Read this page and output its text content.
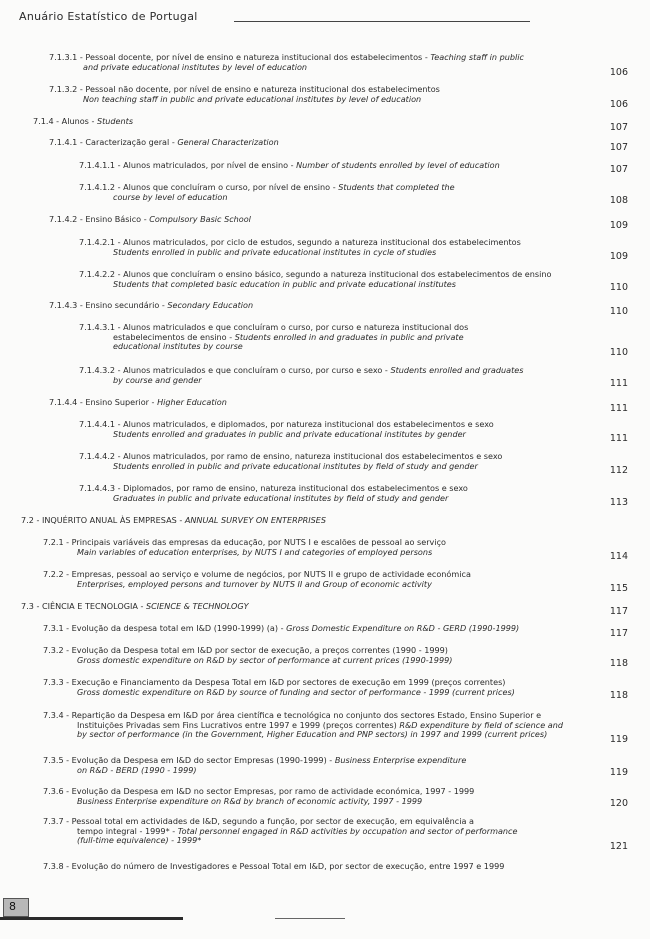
Anuário Estatístico de Portugal
7.1.3.1 - Pessoal docente, por nível de ensino e natureza institucional dos estabelecimentos - Teaching staff in public
and private educational institutes by level of education
106
7.1.3.2 - Pessoal não docente, por nível de ensino e natureza institucional dos estabelecimentos
Non teaching staff in public and private educational institutes by level of education
106
7.1.4 - Alunos - Students
107
7.1.4.1 - Caracterização geral - General Characterization	107
7.1.4.1.1 - Alunos matriculados, por nível de ensino - Number of students enrolled by level of education	107
7.1.4.1.2 - Alunos que concluíram o curso, por nível de ensino - Students that completed the
course by level of education	108
7.1.4.2 - Ensino Básico - Compulsory Basic School
109
7.1.4.2.1 - Alunos matriculados, por ciclo de estudos, segundo a natureza institucional dos estabelecimentos
Students enrolled in public and private educational institutes in cycle of studies	109
7.1.4.2.2 - Alunos que concluíram o ensino básico, segundo a natureza institucional dos estabelecimentos de ensino
Students that completed basic education in public and private educational institutes	110
7.1.4.3 - Ensino secundário - Secondary Education
110
7.1.4.3.1 - Alunos matriculados e que concluíram o curso, por curso e natureza institucional dos
estabelecimentos de ensino - Students enrolled in and graduates in public and private
educational institutes by course
110
7.1.4.3.2 - Alunos matriculados e que concluíram o curso, por curso e sexo - Students enrolled and graduates
by course and gender	111
7.1.4.4 - Ensino Superior - Higher Education
111
7.1.4.4.1 - Alunos matriculados, e diplomados, por natureza institucional dos estabelecimentos e sexo
Students enrolled and graduates in public and private educational institutes by gender	111
7.1.4.4.2 - Alunos matriculados, por ramo de ensino, natureza institucional dos estabelecimentos e sexo
Students enrolled in public and private educational institutes by field of study and gender	112
7.1.4.4.3 - Diplomados, por ramo de ensino, natureza institucional dos estabelecimentos e sexo
Graduates in public and private educational institutes by field of study and gender	113
7.2 - INQUÉRITO ANUAL ÀS EMPRESAS - ANNUAL SURVEY ON ENTERPRISES
7.2.1 - Principais variáveis das empresas da educação, por NUTS I e escalões de pessoal ao serviço
Main variables of education enterprises, by NUTS I and categories of employed persons	114
7.2.2 - Empresas, pessoal ao serviço e volume de negócios, por NUTS II e grupo de actividade económica
Enterprises, employed persons and turnover by NUTS II and Group of economic activity	115
7.3 - CIÊNCIA E TECNOLOGIA - SCIENCE & TECHNOLOGY	117
7.3.1 - Evolução da despesa total em I&D (1990-1999) (a) - Gross Domestic Expenditure on R&D - GERD (1990-1999)	117
7.3.2 - Evolução da Despesa total em I&D por sector de execução, a preços correntes (1990 - 1999)
Gross domestic expenditure on R&D by sector of performance at current prices (1990-1999)	118
7.3.3 - Execução e Financiamento da Despesa Total em I&D por sectores de execução em 1999 (preços correntes)
Gross domestic expenditure on R&D by source of funding and sector of performance - 1999 (current prices)	118
7.3.4 - Repartição da Despesa em I&D por área científica e tecnológica no conjunto dos sectores Estado, Ensino Superior e
Instituições Privadas sem Fins Lucrativos entre 1997 e 1999 (preços correntes) R&D expenditure by field of science and
by sector of performance (in the Government, Higher Education and PNP sectors) in 1997 and 1999 (current prices)	119
7.3.5 - Evolução da Despesa em I&D do sector Empresas (1990-1999) - Business Enterprise expenditure
on R&D - BERD (1990 - 1999)	119
7.3.6 - Evolução da Despesa em I&D no sector Empresas, por ramo de actividade económica, 1997 - 1999
Business Enterprise expenditure on R&d by branch of economic activity, 1997 - 1999	120
7.3.7 - Pessoal total em actividades de I&D, segundo a função, por sector de execução, em equivalência a
tempo integral - 1999* - Total personnel engaged in R&D activities by occupation and sector of performance
(full-time equivalence) - 1999*
121
7.3.8 - Evolução do número de Investigadores e Pessoal Total em I&D, por sector de execução, entre 1997 e 1999
8
